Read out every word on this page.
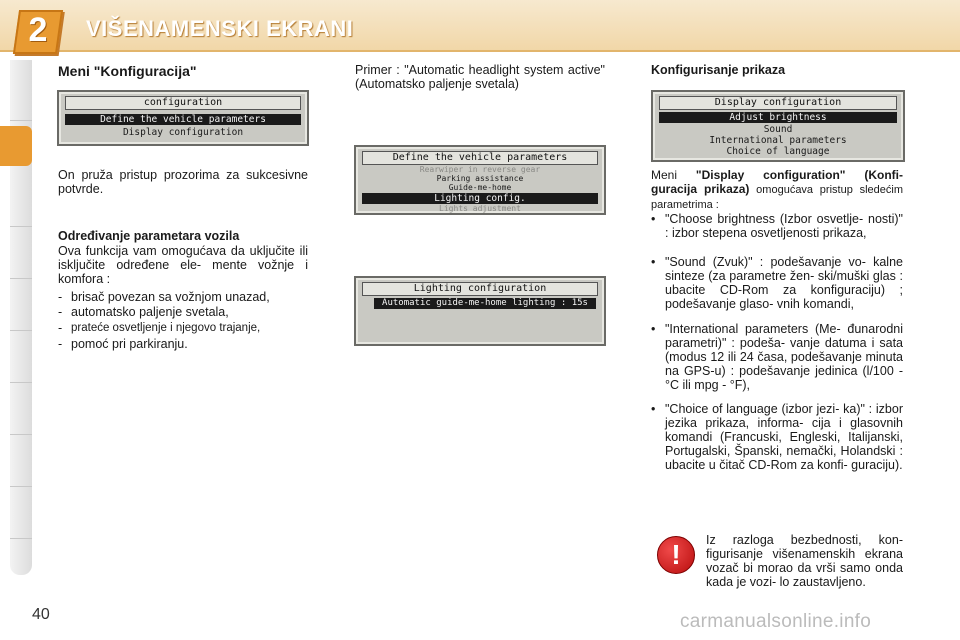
2 VIŠENAMENSKI EKRANI
Meni "Konfiguracija"
configuration
Define the vehicle parameters
Display configuration
On pruža pristup prozorima za sukcesivne potvrde.
Određivanje parametara vozila
Ova funkcija vam omogućava da uključite ili isključite određene ele- mente vožnje i komfora :
- brisač povezan sa vožnjom unazad,
- automatsko paljenje svetala,
- prateće osvetljenje i njegovo trajanje,
- pomoć pri parkiranju.
Primer : "Automatic headlight system active" (Automatsko paljenje svetala)
Define the vehicle parameters
Rearwiper in reverse gear
Parking assistance
Guide-me-home
Lighting config.
Lights adjustment
Lighting configuration
Automatic guide-me-home lighting : 15s
Konfigurisanje prikaza
Display configuration
Adjust brightness
Sound
International parameters
Choice of language
Meni "Display configuration" (Konfi- guracija prikaza) omogućava pristup sledećim parametrima :
• "Choose brightness (Izbor osvetlje- nosti)" : izbor stepena osvetljenosti prikaza,
• "Sound (Zvuk)" : podešavanje vo- kalne sinteze (za parametre žen- ski/muški glas : ubacite CD-Rom za konfiguraciju) ; podešavanje glaso- vnih komandi,
• "International parameters (Me- đunarodni parametri)" : podeša- vanje datuma i sata (modus 12 ili 24 časa, podešavanje minuta na GPS-u) : podešavanje jedinica (l/100 - °C ili mpg - °F),
• "Choice of language (izbor jezi- ka)" : izbor jezika prikaza, informa- cija i glasovnih komandi (Francuski, Engleski, Italijanski, Portugalski, Španski, nemački, Holandski : ubacite u čitač CD-Rom za konfi- guraciju).
!	Iz razloga bezbednosti, kon- figurisanje višenamenskih ekrana vozač bi morao da vrši samo onda kada je vozi- lo zaustavljeno.
40	carmanualsonline.info
